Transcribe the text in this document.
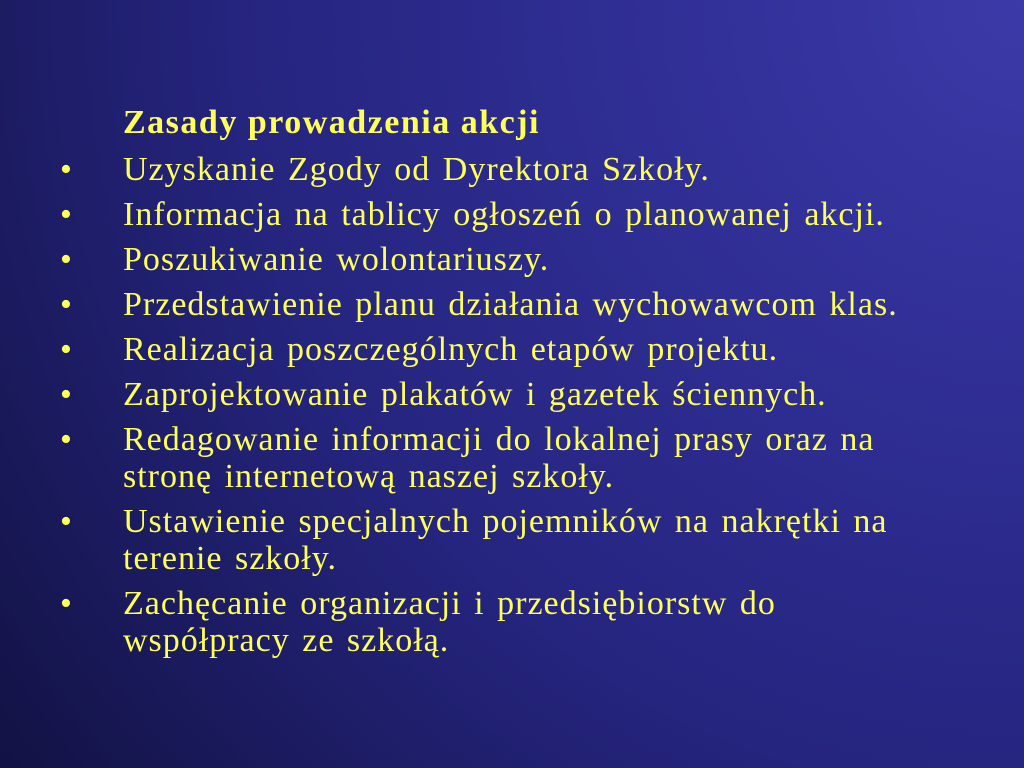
Zasady prowadzenia akcji
• Uzyskanie Zgody od Dyrektora Szkoły.
• Informacja na tablicy ogłoszeń o planowanej akcji.
• Poszukiwanie wolontariuszy.
• Przedstawienie planu działania wychowawcom klas.
• Realizacja poszczególnych etapów projektu.
• Zaprojektowanie plakatów i gazetek ściennych.
• Redagowanie informacji do lokalnej prasy oraz na
stronę internetową naszej szkoły.
• Ustawienie specjalnych pojemników na nakrętki na
terenie szkoły.
• Zachęcanie organizacji i przedsiębiorstw do
współpracy ze szkołą.
